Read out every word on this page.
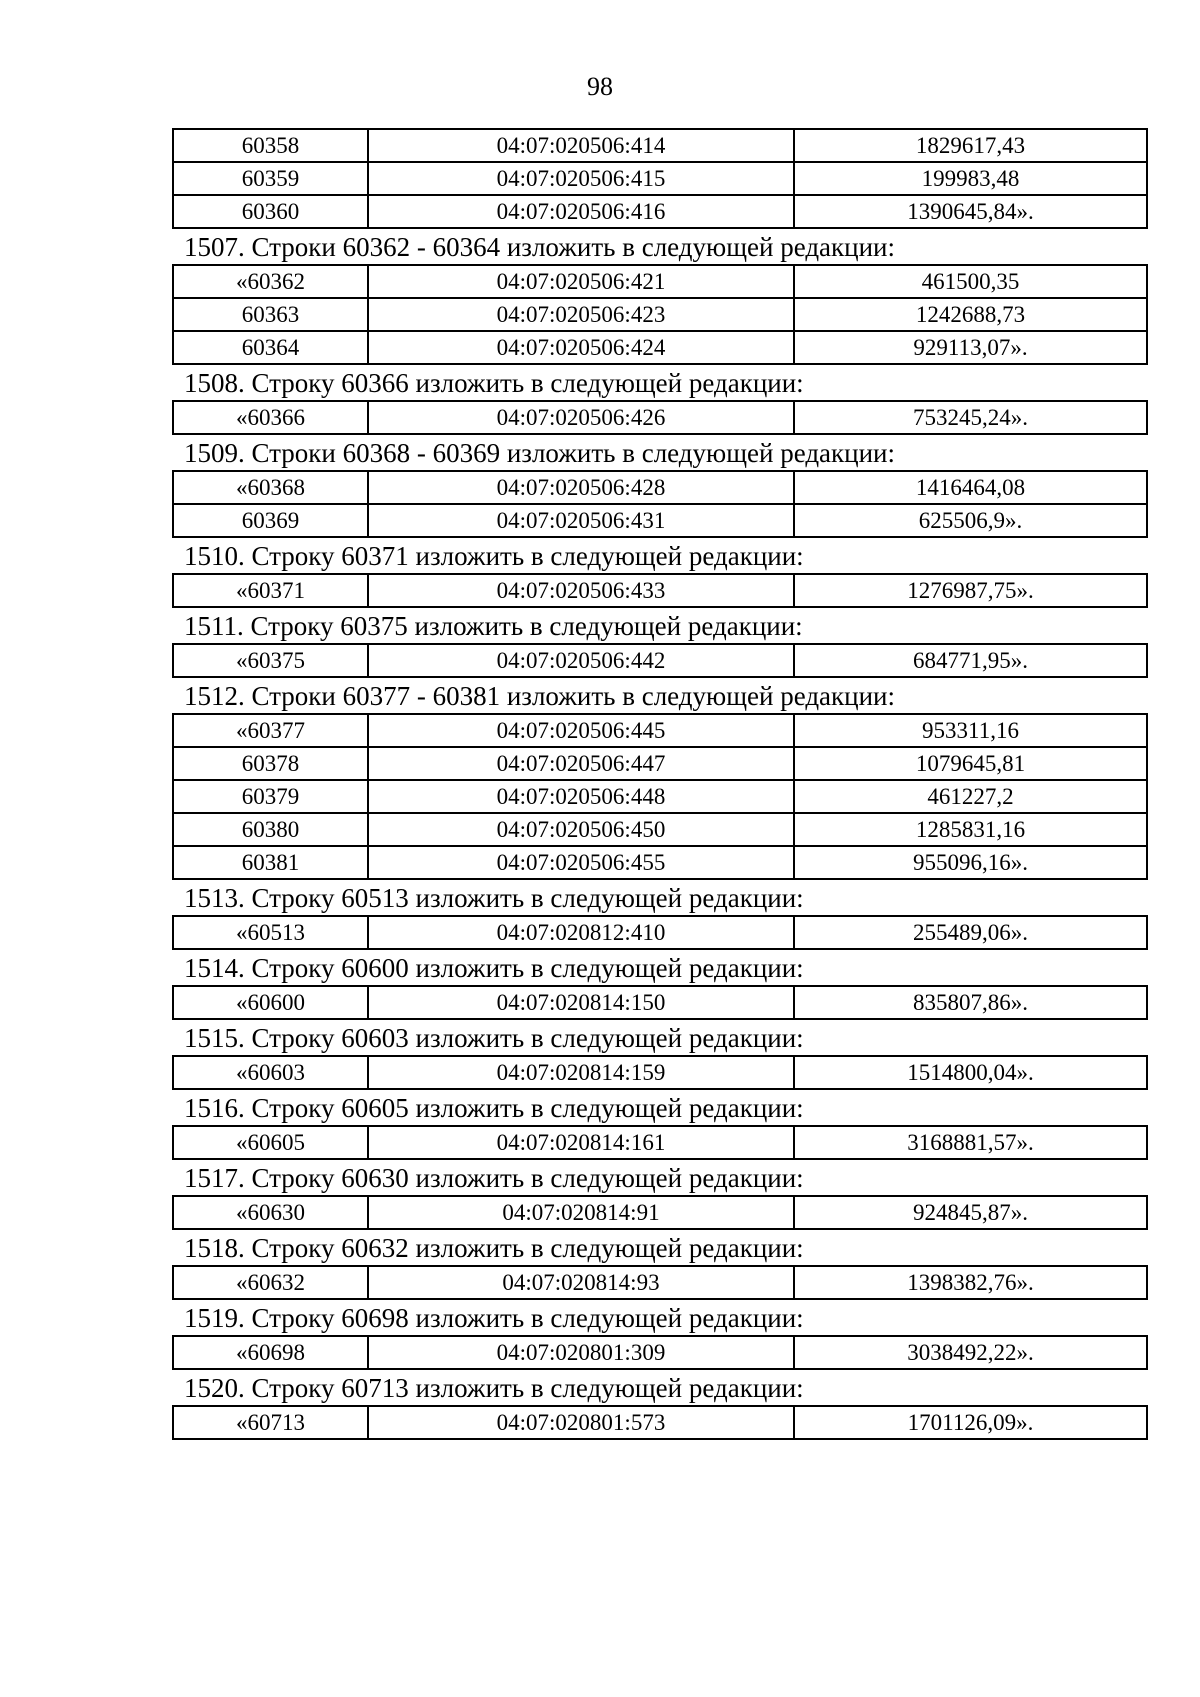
98
60358	04:07:020506:414	1829617,43
60359	04:07:020506:415	199983,48
60360	04:07:020506:416	1390645,84».
1507. Строки 60362 - 60364 изложить в следующей редакции:
«60362	04:07:020506:421	461500,35
60363	04:07:020506:423	1242688,73
60364	04:07:020506:424	929113,07».
1508. Строку 60366 изложить в следующей редакции:
«60366	04:07:020506:426	753245,24».
1509. Строки 60368 - 60369 изложить в следующей редакции:
«60368	04:07:020506:428	1416464,08
60369	04:07:020506:431	625506,9».
1510. Строку 60371 изложить в следующей редакции:
«60371	04:07:020506:433	1276987,75».
1511. Строку 60375 изложить в следующей редакции:
«60375	04:07:020506:442	684771,95».
1512. Строки 60377 - 60381 изложить в следующей редакции:
«60377	04:07:020506:445	953311,16
60378	04:07:020506:447	1079645,81
60379	04:07:020506:448	461227,2
60380	04:07:020506:450	1285831,16
60381	04:07:020506:455	955096,16».
1513. Строку 60513 изложить в следующей редакции:
«60513	04:07:020812:410	255489,06».
1514. Строку 60600 изложить в следующей редакции:
«60600	04:07:020814:150	835807,86».
1515. Строку 60603 изложить в следующей редакции:
«60603	04:07:020814:159	1514800,04».
1516. Строку 60605 изложить в следующей редакции:
«60605	04:07:020814:161	3168881,57».
1517. Строку 60630 изложить в следующей редакции:
«60630	04:07:020814:91	924845,87».
1518. Строку 60632 изложить в следующей редакции:
«60632	04:07:020814:93	1398382,76».
1519. Строку 60698 изложить в следующей редакции:
«60698	04:07:020801:309	3038492,22».
1520. Строку 60713 изложить в следующей редакции:
«60713	04:07:020801:573	1701126,09».
